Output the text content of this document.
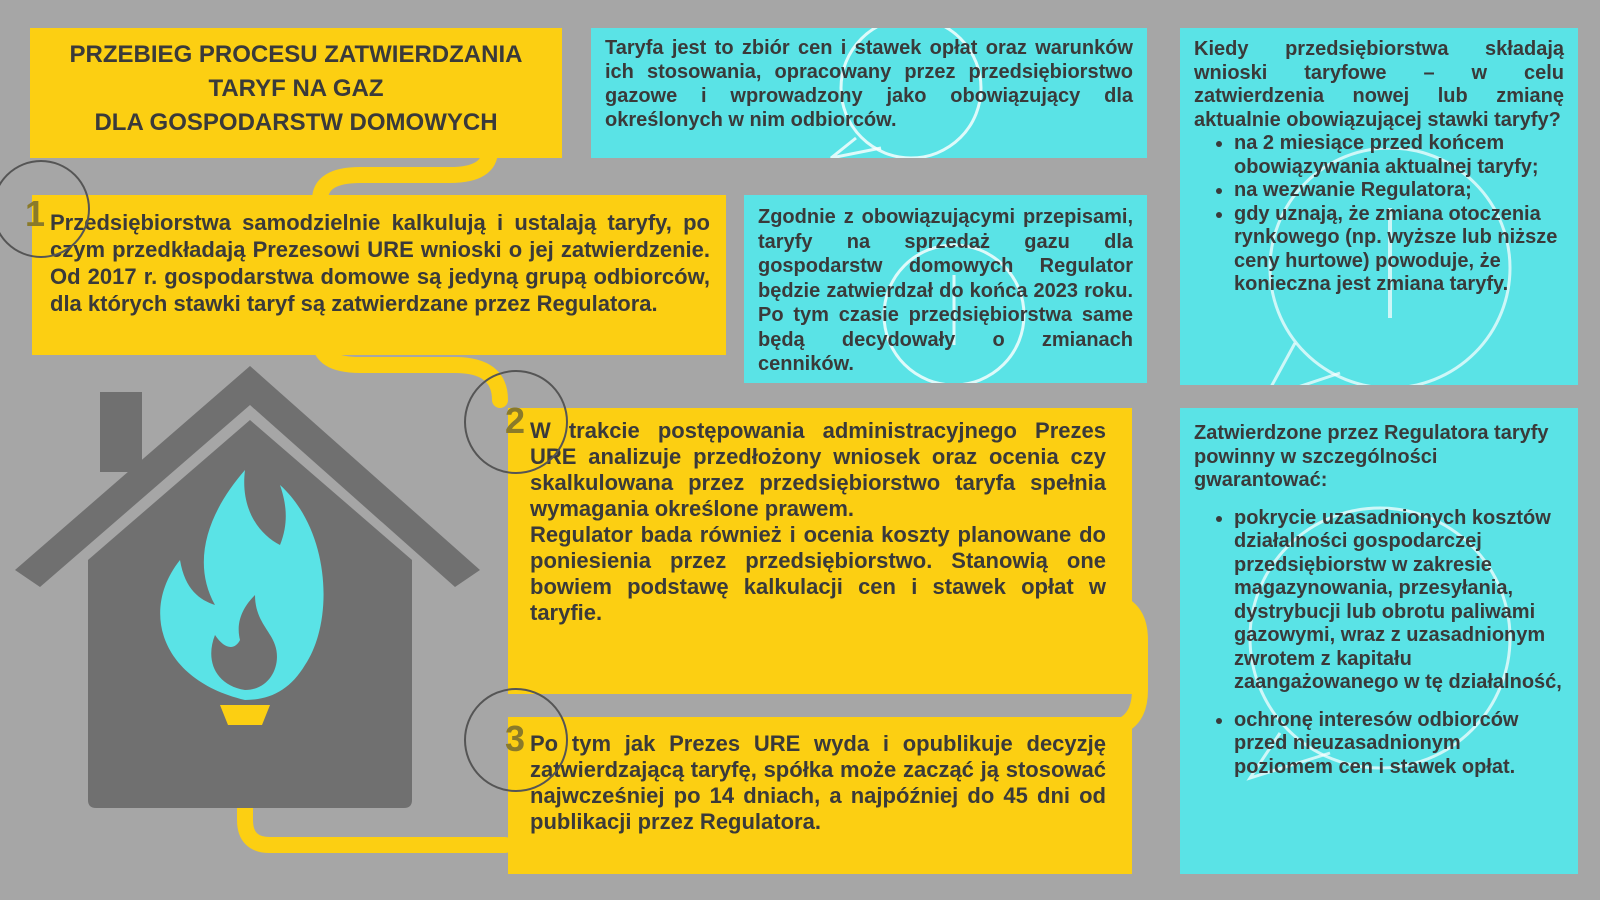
PRZEBIEG PROCESU ZATWIERDZANIA
TARYF NA GAZ
DLA GOSPODARSTW DOMOWYCH

Taryfa jest to zbiór cen i stawek opłat oraz warunków ich stosowania, opracowany przez przedsiębiorstwo gazowe i wprowadzony jako obowiązujący dla określonych w nim odbiorców.

Zgodnie z obowiązującymi przepisami, taryfy na sprzedaż gazu dla gospodarstw domowych Regulator będzie zatwierdzał do końca 2023 roku. Po tym czasie przedsiębiorstwa same będą decydowały o zmianach cenników.

Kiedy przedsiębiorstwa składają wnioski taryfowe – w celu zatwierdzenia nowej lub zmianę aktualnie obowiązującej stawki taryfy?

• na 2 miesiące przed końcem obowiązywania aktualnej taryfy;
• na wezwanie Regulatora;
• gdy uznają, że zmiana otoczenia rynkowego (np. wyższe lub niższe ceny hurtowe) powoduje, że konieczna jest zmiana taryfy.

Zatwierdzone przez Regulatora taryfy powinny w szczególności gwarantować:

• pokrycie uzasadnionych kosztów działalności gospodarczej przedsiębiorstw w zakresie magazynowania, przesyłania, dystrybucji lub obrotu paliwami gazowymi, wraz z uzasadnionym zwrotem z kapitału zaangażowanego w tę działalność,
• ochronę interesów odbiorców przed nieuzasadnionym poziomem cen i stawek opłat.

Przedsiębiorstwa samodzielnie kalkulują i ustalają taryfy, po czym przedkładają Prezesowi URE wnioski o jej zatwierdzenie. Od 2017 r. gospodarstwa domowe są jedyną grupą odbiorców, dla których stawki taryf są zatwierdzane przez Regulatora.

1

W trakcie postępowania administracyjnego Prezes URE analizuje przedłożony wniosek oraz ocenia czy skalkulowana przez przedsiębiorstwo taryfa spełnia wymagania określone prawem.

Regulator bada również i ocenia koszty planowane do poniesienia przez przedsiębiorstwo. Stanowią one bowiem podstawę kalkulacji cen i stawek opłat w taryfie.

2

Po tym jak Prezes URE wyda i opublikuje decyzję zatwierdzającą taryfę, spółka może zacząć ją stosować najwcześniej po 14 dniach, a najpóźniej do 45 dni od publikacji przez Regulatora.

3
